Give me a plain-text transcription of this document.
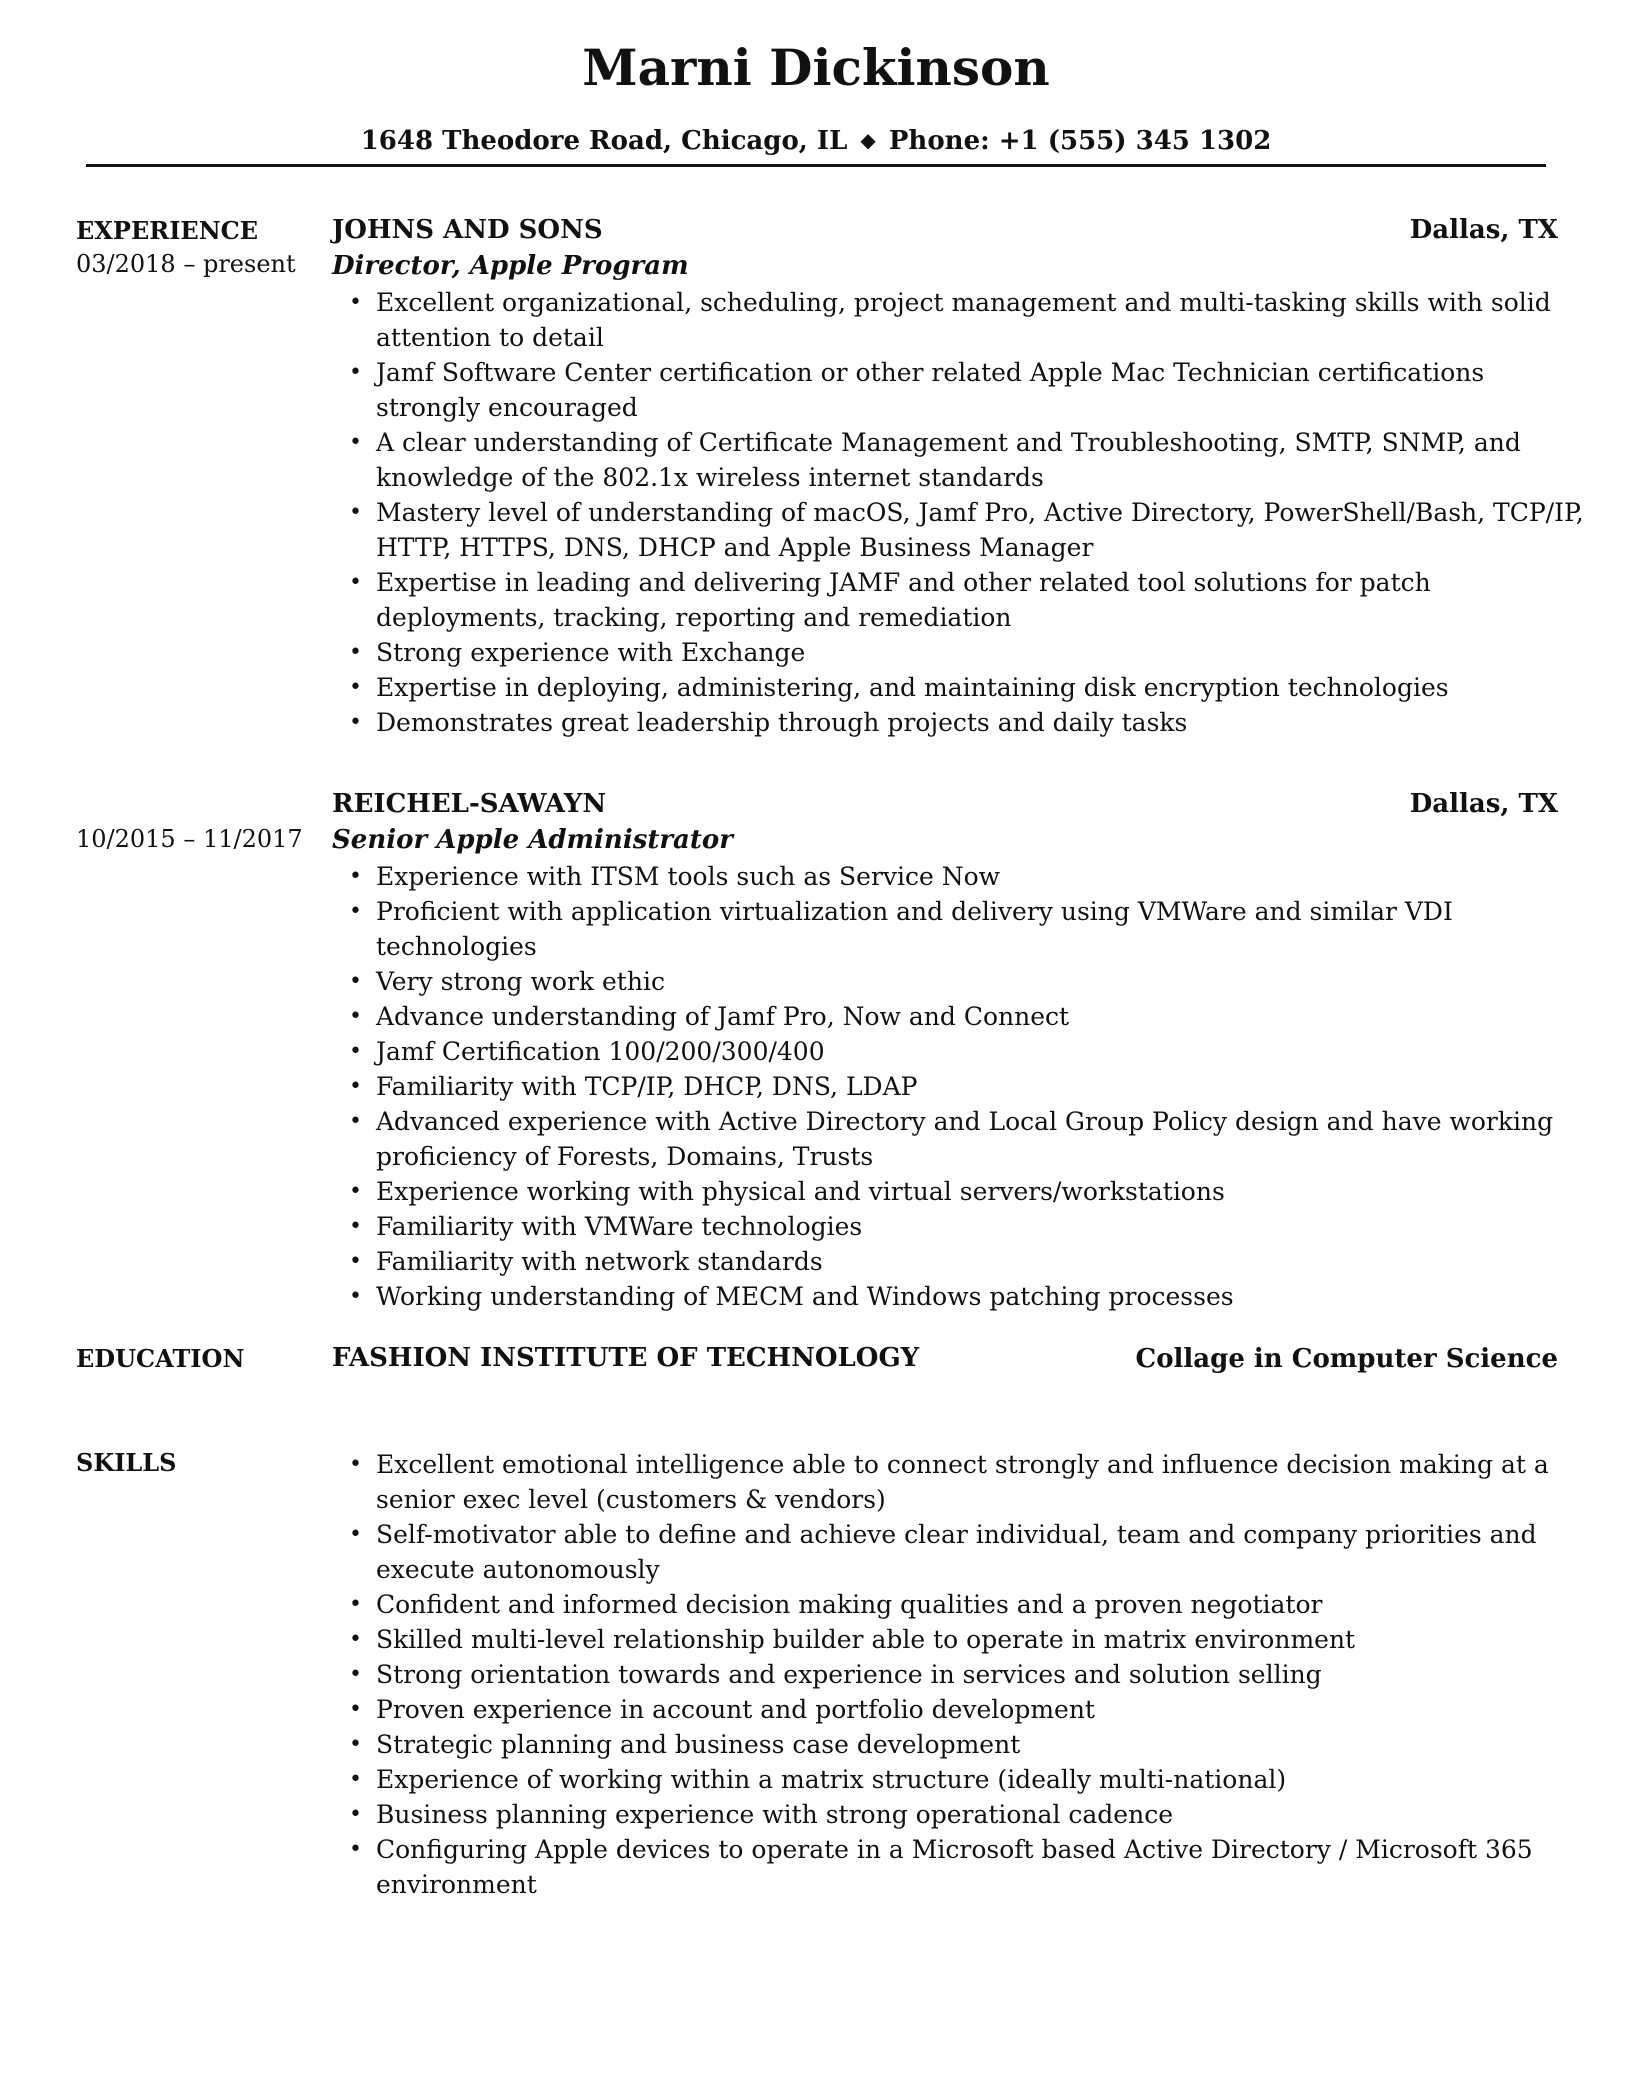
Marni Dickinson
1648 Theodore Road, Chicago, IL ◆ Phone: +1 (555) 345 1302
EXPERIENCE
03/2018 – present
JOHNS AND SONS	Dallas, TX
Director, Apple Program
• Excellent organizational, scheduling, project management and multi-tasking skills with solid attention to detail
• Jamf Software Center certification or other related Apple Mac Technician certifications strongly encouraged
• A clear understanding of Certificate Management and Troubleshooting, SMTP, SNMP, and knowledge of the 802.1x wireless internet standards
• Mastery level of understanding of macOS, Jamf Pro, Active Directory, PowerShell/Bash, TCP/IP, HTTP, HTTPS, DNS, DHCP and Apple Business Manager
• Expertise in leading and delivering JAMF and other related tool solutions for patch deployments, tracking, reporting and remediation
• Strong experience with Exchange
• Expertise in deploying, administering, and maintaining disk encryption technologies
• Demonstrates great leadership through projects and daily tasks
10/2015 – 11/2017
REICHEL-SAWAYN	Dallas, TX
Senior Apple Administrator
• Experience with ITSM tools such as Service Now
• Proficient with application virtualization and delivery using VMWare and similar VDI technologies
• Very strong work ethic
• Advance understanding of Jamf Pro, Now and Connect
• Jamf Certification 100/200/300/400
• Familiarity with TCP/IP, DHCP, DNS, LDAP
• Advanced experience with Active Directory and Local Group Policy design and have working proficiency of Forests, Domains, Trusts
• Experience working with physical and virtual servers/workstations
• Familiarity with VMWare technologies
• Familiarity with network standards
• Working understanding of MECM and Windows patching processes
EDUCATION	FASHION INSTITUTE OF TECHNOLOGY	Collage in Computer Science
SKILLS	• Excellent emotional intelligence able to connect strongly and influence decision making at a senior exec level (customers & vendors)
• Self-motivator able to define and achieve clear individual, team and company priorities and execute autonomously
• Confident and informed decision making qualities and a proven negotiator
• Skilled multi-level relationship builder able to operate in matrix environment
• Strong orientation towards and experience in services and solution selling
• Proven experience in account and portfolio development
• Strategic planning and business case development
• Experience of working within a matrix structure (ideally multi-national)
• Business planning experience with strong operational cadence
• Configuring Apple devices to operate in a Microsoft based Active Directory / Microsoft 365 environment
